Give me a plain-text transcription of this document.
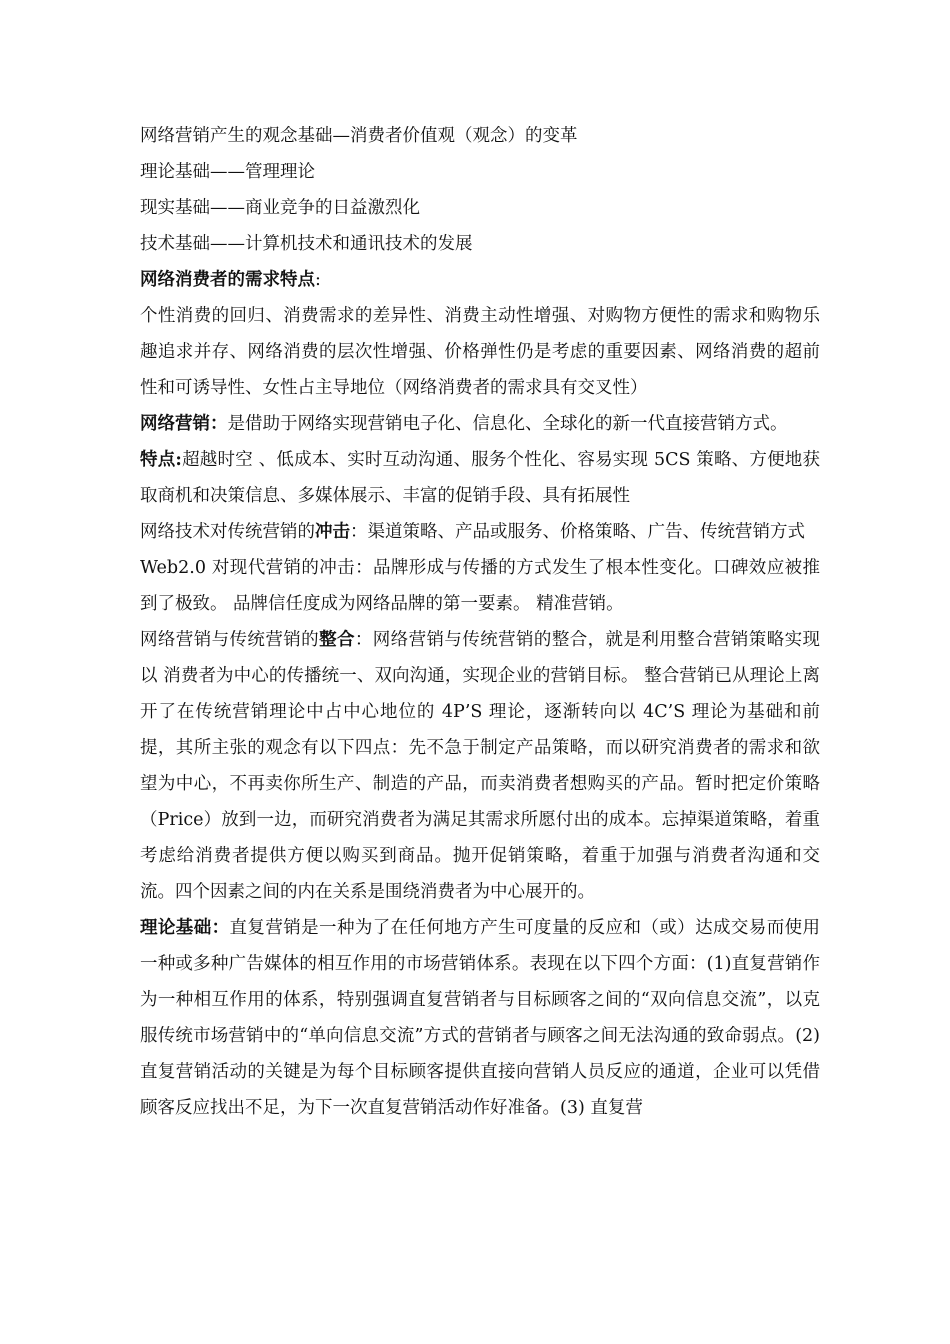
网络营销产生的观念基础—消费者价值观（观念）的变革
理论基础——管理理论
现实基础——商业竞争的日益激烈化
技术基础——计算机技术和通讯技术的发展
网络消费者的需求特点:
个性消费的回归、消费需求的差异性、消费主动性增强、对购物方便性的需求和购物乐趣追求并存、网络消费的层次性增强、价格弹性仍是考虑的重要因素、网络消费的超前性和可诱导性、女性占主导地位（网络消费者的需求具有交叉性）
网络营销：是借助于网络实现营销电子化、信息化、全球化的新一代直接营销方式。
特点:超越时空 、低成本、实时互动沟通、服务个性化、容易实现 5CS 策略、方便地获取商机和决策信息、多媒体展示、丰富的促销手段、具有拓展性
网络技术对传统营销的冲击：渠道策略、产品或服务、价格策略、广告、传统营销方式
Web2.0 对现代营销的冲击：品牌形成与传播的方式发生了根本性变化。口碑效应被推到了极致。 品牌信任度成为网络品牌的第一要素。 精准营销。
网络营销与传统营销的整合：网络营销与传统营销的整合，就是利用整合营销策略实现以 消费者为中心的传播统一、双向沟通，实现企业的营销目标。 整合营销已从理论上离开了在传统营销理论中占中心地位的 4P’S 理论，逐渐转向以 4C’S 理论为基础和前提，其所主张的观念有以下四点：先不急于制定产品策略，而以研究消费者的需求和欲望为中心，不再卖你所生产、制造的产品，而卖消费者想购买的产品。暂时把定价策略（Price）放到一边，而研究消费者为满足其需求所愿付出的成本。忘掉渠道策略，着重考虑给消费者提供方便以购买到商品。抛开促销策略，着重于加强与消费者沟通和交流。四个因素之间的内在关系是围绕消费者为中心展开的。
理论基础：直复营销是一种为了在任何地方产生可度量的反应和（或）达成交易而使用一种或多种广告媒体的相互作用的市场营销体系。表现在以下四个方面：(1)直复营销作为一种相互作用的体系，特别强调直复营销者与目标顾客之间的“双向信息交流”，以克服传统市场营销中的“单向信息交流”方式的营销者与顾客之间无法沟通的致命弱点。(2) 直复营销活动的关键是为每个目标顾客提供直接向营销人员反应的通道，企业可以凭借顾客反应找出不足，为下一次直复营销活动作好准备。(3) 直复营
